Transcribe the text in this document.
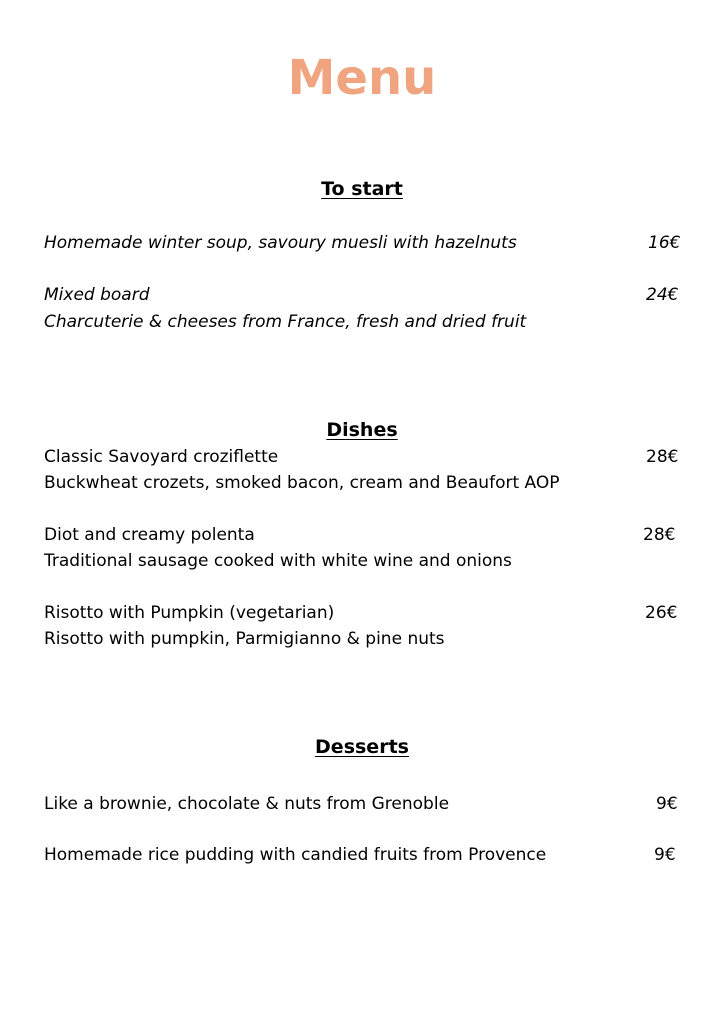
Menu
To start
Homemade winter soup, savoury muesli with hazelnuts	16€
Mixed board	24€
Charcuterie & cheeses from France, fresh and dried fruit
Dishes
Classic Savoyard croziflette	28€
Buckwheat crozets, smoked bacon, cream and Beaufort AOP
Diot and creamy polenta	28€
Traditional sausage cooked with white wine and onions
Risotto with Pumpkin (vegetarian)	26€
Risotto with pumpkin, Parmigianno & pine nuts
Desserts
Like a brownie, chocolate & nuts from Grenoble	9€
Homemade rice pudding with candied fruits from Provence	9€
